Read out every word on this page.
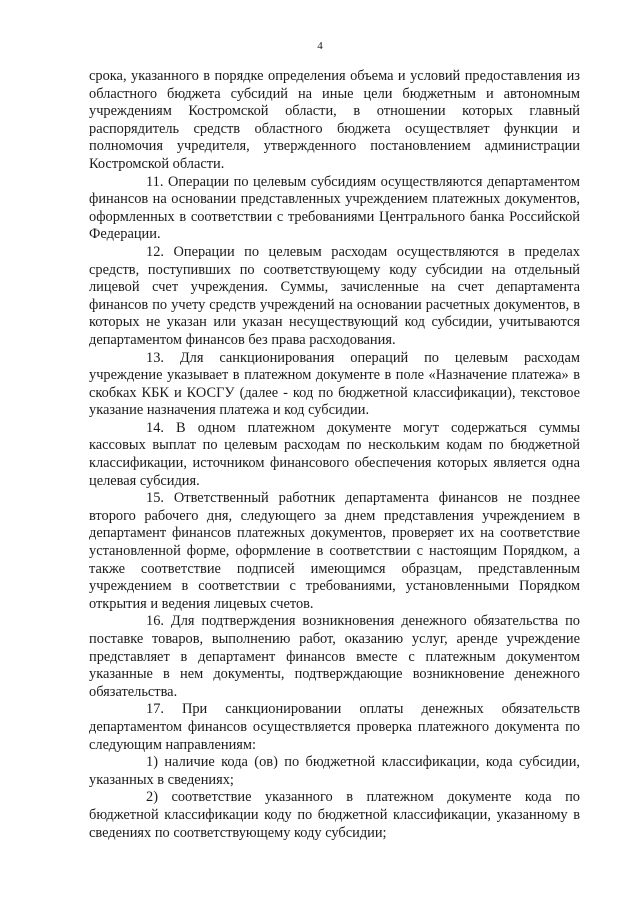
4

срока, указанного в порядке определения объема и условий предоставления из областного бюджета субсидий на иные цели бюджетным и автономным учреждениям Костромской области, в отношении которых главный распорядитель средств областного бюджета осуществляет функции и полномочия учредителя, утвержденного постановлением администрации Костромской области.

11. Операции по целевым субсидиям осуществляются департаментом финансов на основании представленных учреждением платежных документов, оформленных в соответствии с требованиями Центрального банка Российской Федерации.

12. Операции по целевым расходам осуществляются в пределах средств, поступивших по соответствующему коду субсидии на отдельный лицевой счет учреждения. Суммы, зачисленные на счет департамента финансов по учету средств учреждений на основании расчетных документов, в которых не указан или указан несуществующий код субсидии, учитываются департаментом финансов без права расходования.

13. Для санкционирования операций по целевым расходам учреждение указывает в платежном документе в поле «Назначение платежа» в скобках КБК и КОСГУ (далее - код по бюджетной классификации), текстовое указание назначения платежа и код субсидии.

14. В одном платежном документе могут содержаться суммы кассовых выплат по целевым расходам по нескольким кодам по бюджетной классификации, источником финансового обеспечения которых является одна целевая субсидия.

15. Ответственный работник департамента финансов не позднее второго рабочего дня, следующего за днем представления учреждением в департамент финансов платежных документов, проверяет их на соответствие установленной форме, оформление в соответствии с настоящим Порядком, а также соответствие подписей имеющимся образцам, представленным учреждением в соответствии с требованиями, установленными Порядком открытия и ведения лицевых счетов.

16. Для подтверждения возникновения денежного обязательства по поставке товаров, выполнению работ, оказанию услуг, аренде учреждение представляет в департамент финансов вместе с платежным документом указанные в нем документы, подтверждающие возникновение денежного обязательства.

17. При санкционировании оплаты денежных обязательств департаментом финансов осуществляется проверка платежного документа по следующим направлениям:

1) наличие кода (ов) по бюджетной классификации, кода субсидии, указанных в сведениях;

2) соответствие указанного в платежном документе кода по бюджетной классификации коду по бюджетной классификации, указанному в сведениях по соответствующему коду субсидии;
